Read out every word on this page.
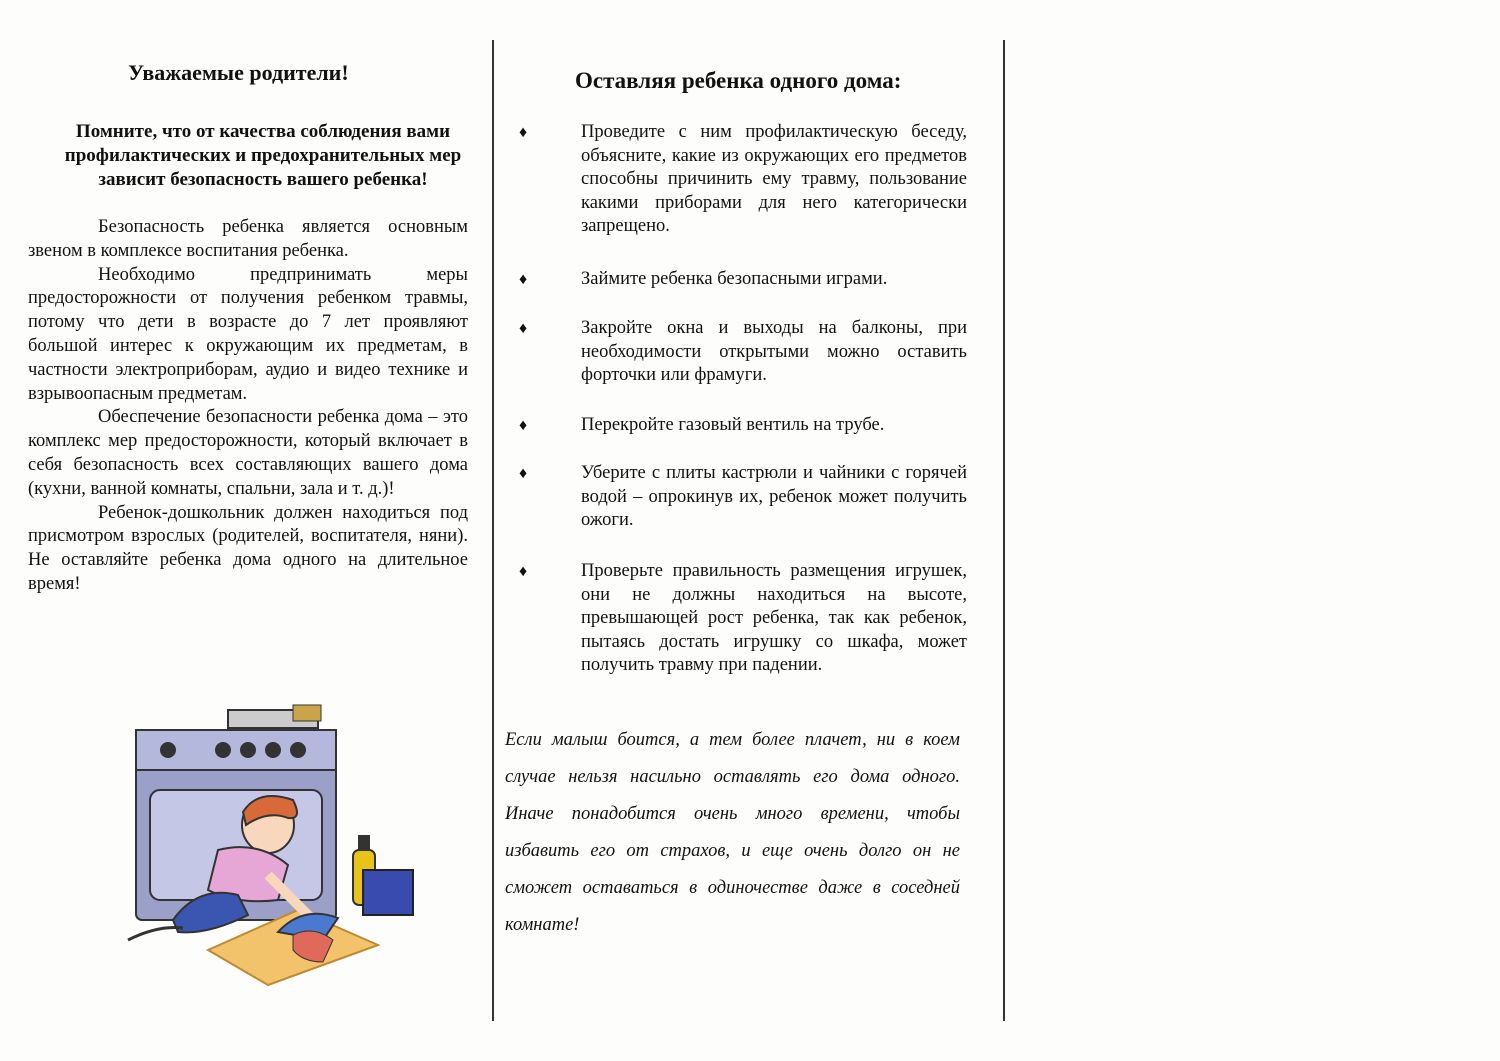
Уважаемые родители!
Помните, что от качества соблюдения вами профилактических и предохранительных мер зависит безопасность вашего ребенка!

Безопасность ребенка является основным звеном в комплексе воспитания ребенка.

Необходимо предпринимать меры предосторожности от получения ребенком травмы, потому что дети в возрасте до 7 лет проявляют большой интерес к окружающим их предметам, в частности электроприборам, аудио и видео технике и взрывоопасным предметам.

Обеспечение безопасности ребенка дома – это комплекс мер предосторожности, который включает в себя безопасность всех составляющих вашего дома (кухни, ванной комнаты, спальни, зала и т. д.)!

Ребенок-дошкольник должен находиться под присмотром взрослых (родителей, воспитателя, няни). Не оставляйте ребенка дома одного на длительное время!

Оставляя ребенка одного дома:
♦ Проведите с ним профилактическую беседу, объясните, какие из окружающих его предметов способны причинить ему травму, пользование какими приборами для него категорически запрещено.
♦ Займите ребенка безопасными играми.
♦ Закройте окна и выходы на балконы, при необходимости открытыми можно оставить форточки или фрамуги.
♦ Перекройте газовый вентиль на трубе.
♦ Уберите с плиты кастрюли и чайники с горячей водой – опрокинув их, ребенок может получить ожоги.
♦ Проверьте правильность размещения игрушек, они не должны находиться на высоте, превышающей рост ребенка, так как ребенок, пытаясь достать игрушку со шкафа, может получить травму при падении.
Если малыш боится, а тем более плачет, ни в коем случае нельзя насильно оставлять его дома одного. Иначе понадобится очень много времени, чтобы избавить его от страхов, и еще очень долго он не сможет оставаться в одиночестве даже в соседней комнате!
